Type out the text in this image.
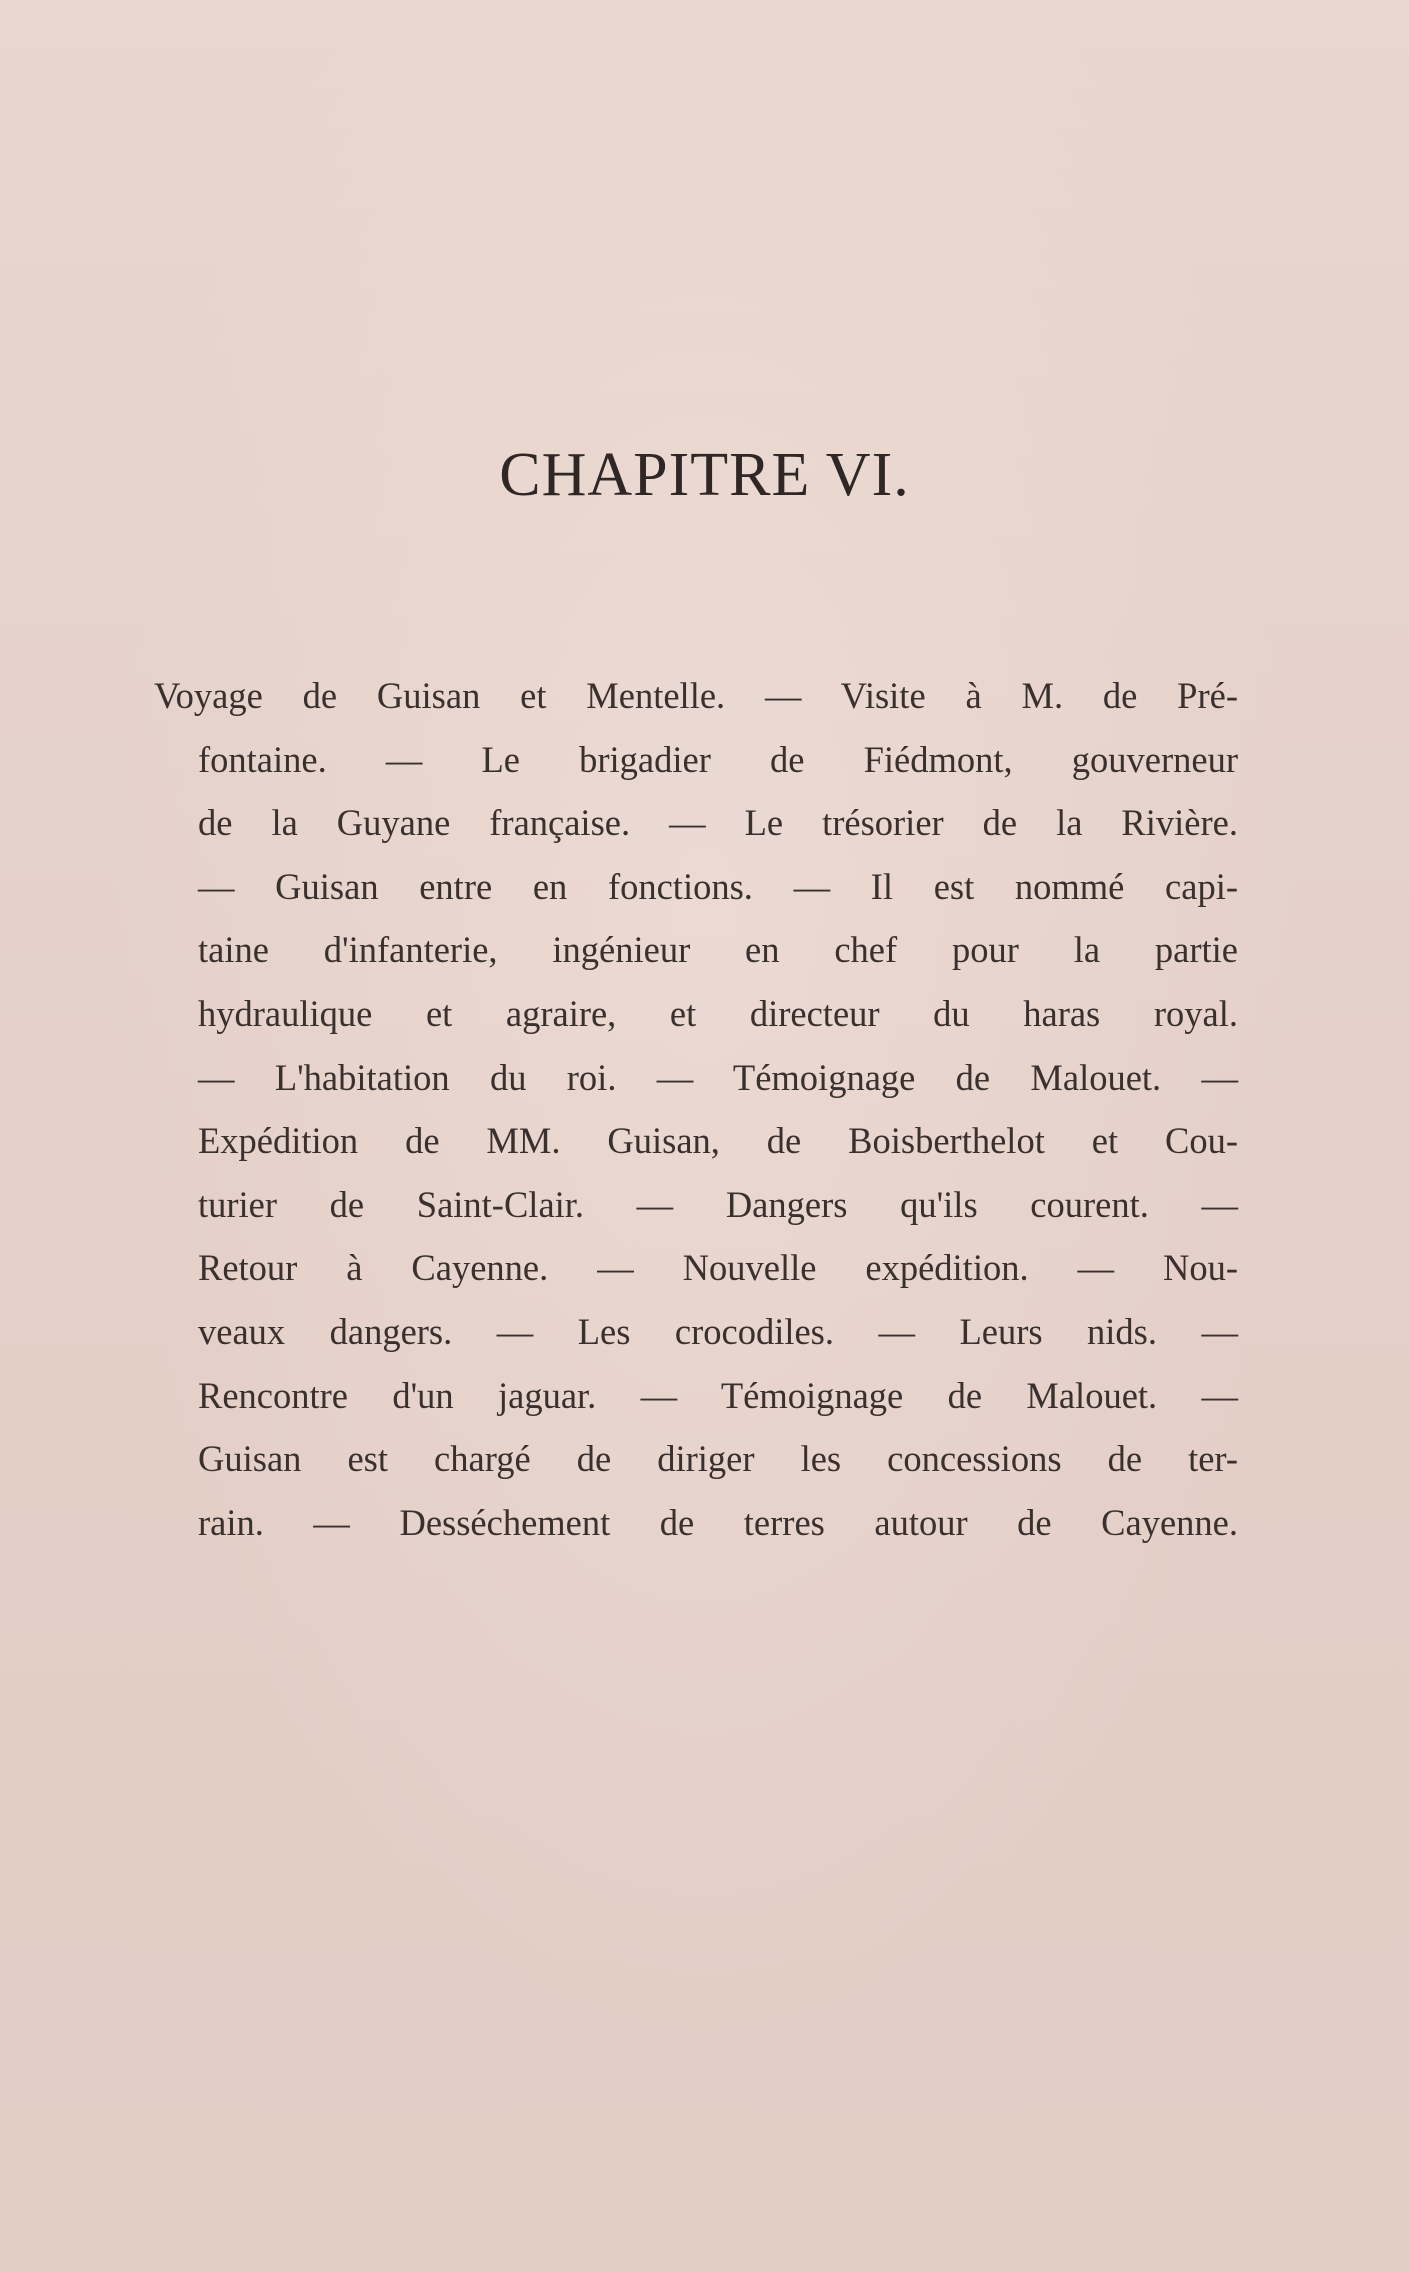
CHAPITRE VI.
Voyage de Guisan et Mentelle. — Visite à M. de Pré-
fontaine. — Le brigadier de Fiédmont, gouverneur
de la Guyane française. — Le trésorier de la Rivière.
— Guisan entre en fonctions. — Il est nommé capi-
taine d'infanterie, ingénieur en chef pour la partie
hydraulique et agraire, et directeur du haras royal.
— L'habitation du roi. — Témoignage de Malouet. —
Expédition de MM. Guisan, de Boisberthelot et Cou-
turier de Saint-Clair. — Dangers qu'ils courent. —
Retour à Cayenne. — Nouvelle expédition. — Nou-
veaux dangers. — Les crocodiles. — Leurs nids. —
Rencontre d'un jaguar. — Témoignage de Malouet. —
Guisan est chargé de diriger les concessions de ter-
rain. — Desséchement de terres autour de Cayenne.
